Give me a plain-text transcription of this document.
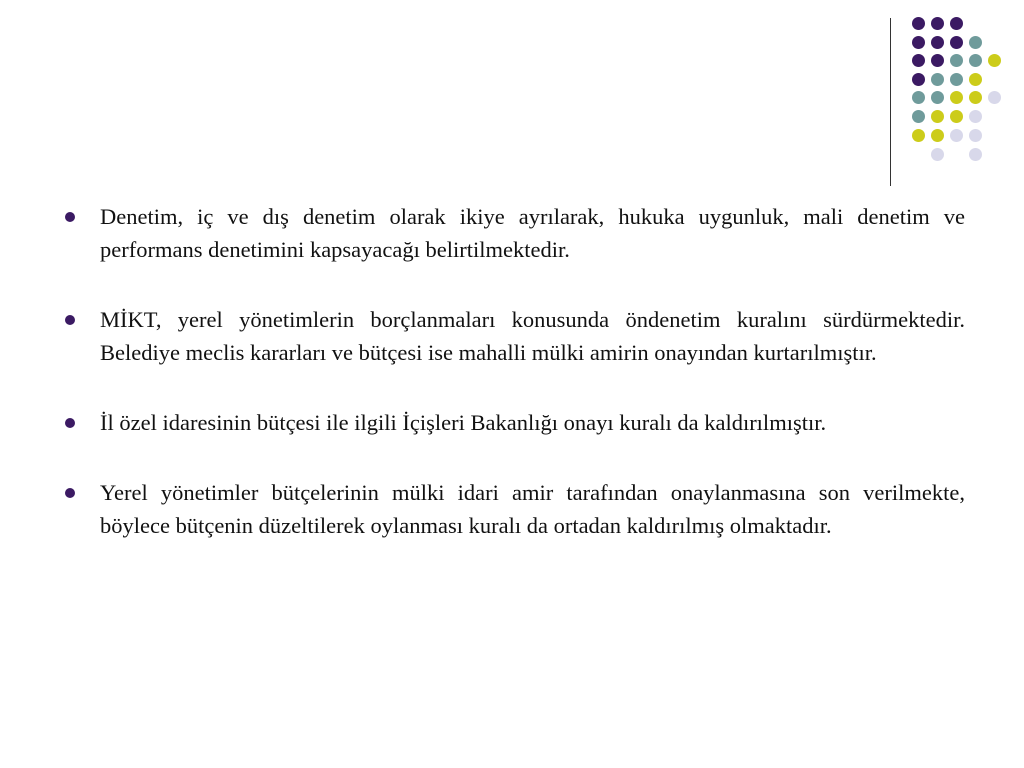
Denetim, iç ve dış denetim olarak ikiye ayrılarak, hukuka uygunluk, mali denetim ve performans denetimini kapsayacağı belirtilmektedir.
MİKT, yerel yönetimlerin borçlanmaları konusunda öndenetim kuralını sürdürmektedir. Belediye meclis kararları ve bütçesi ise mahalli mülki amirin onayından kurtarılmıştır.
İl özel idaresinin bütçesi ile ilgili İçişleri Bakanlığı onayı kuralı da kaldırılmıştır.
Yerel yönetimler bütçelerinin mülki idari amir tarafından onaylanmasına son verilmekte, böylece bütçenin düzeltilerek oylanması kuralı da ortadan kaldırılmış olmaktadır.
